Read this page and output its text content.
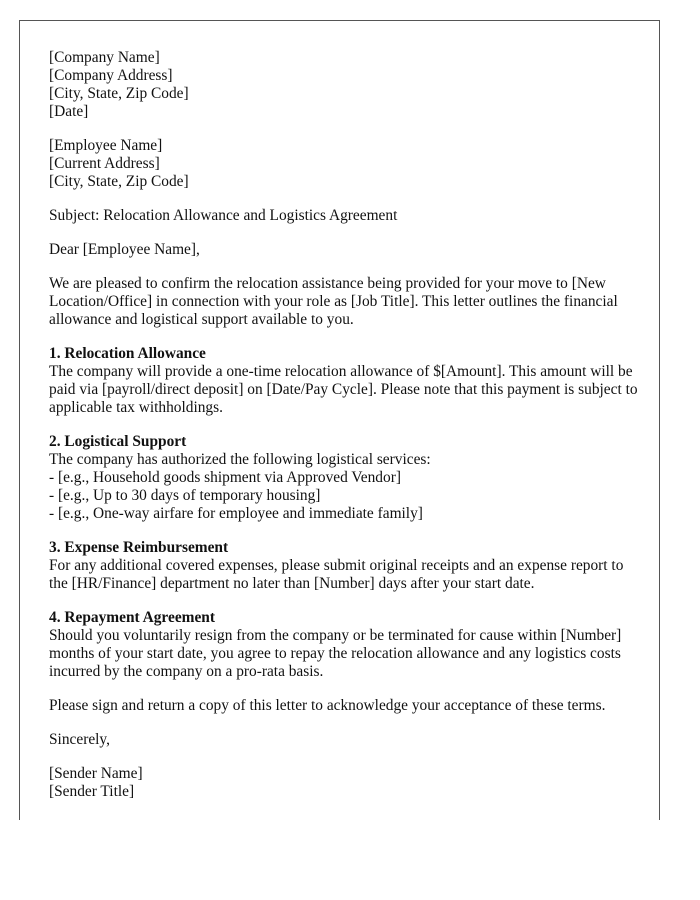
[Company Name]
[Company Address]
[City, State, Zip Code]
[Date]
[Employee Name]
[Current Address]
[City, State, Zip Code]
Subject: Relocation Allowance and Logistics Agreement
Dear [Employee Name],
We are pleased to confirm the relocation assistance being provided for your move to [New Location/Office] in connection with your role as [Job Title]. This letter outlines the financial allowance and logistical support available to you.
1. Relocation Allowance
The company will provide a one-time relocation allowance of $[Amount]. This amount will be paid via [payroll/direct deposit] on [Date/Pay Cycle]. Please note that this payment is subject to applicable tax withholdings.
2. Logistical Support
The company has authorized the following logistical services:
- [e.g., Household goods shipment via Approved Vendor]
- [e.g., Up to 30 days of temporary housing]
- [e.g., One-way airfare for employee and immediate family]
3. Expense Reimbursement
For any additional covered expenses, please submit original receipts and an expense report to the [HR/Finance] department no later than [Number] days after your start date.
4. Repayment Agreement
Should you voluntarily resign from the company or be terminated for cause within [Number] months of your start date, you agree to repay the relocation allowance and any logistics costs incurred by the company on a pro-rata basis.
Please sign and return a copy of this letter to acknowledge your acceptance of these terms.
Sincerely,
[Sender Name]
[Sender Title]
